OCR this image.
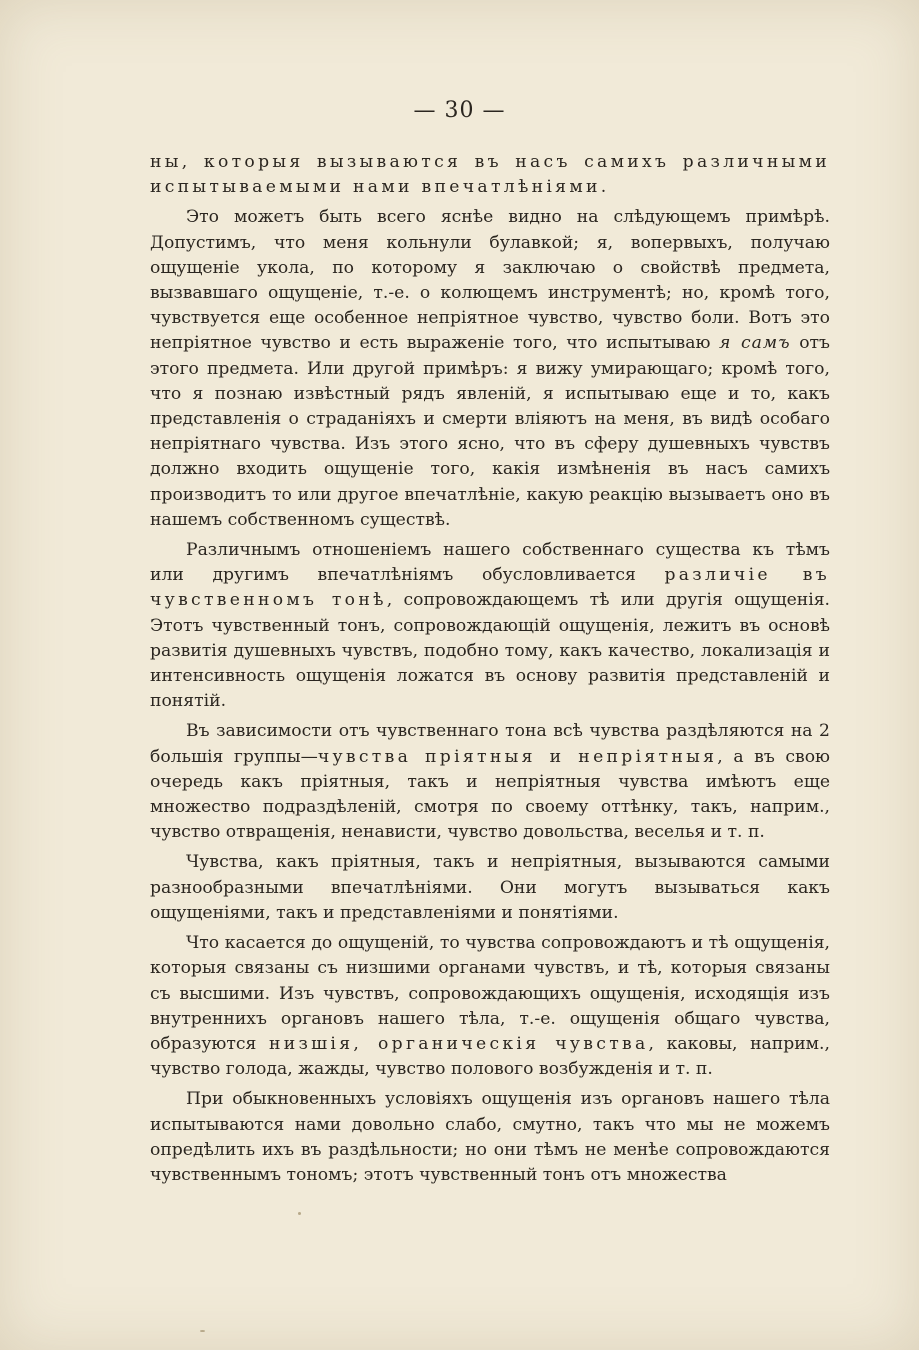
— 30 —

ны, которыя вызываются въ насъ самихъ различными испытываемыми нами впечатлѣніями.

Это можетъ быть всего яснѣе видно на слѣдующемъ примѣрѣ. Допустимъ, что меня кольнули булавкой; я, вопервыхъ, получаю ощущеніе укола, по которому я заключаю о свойствѣ предмета, вызвавшаго ощущеніе, т.-е. о колющемъ инструментѣ; но, кромѣ того, чувствуется еще особенное непріятное чувство, чувство боли. Вотъ это непріятное чувство и есть выраженіе того, что испытываю я самъ отъ этого предмета. Или другой примѣръ: я вижу умирающаго; кромѣ того, что я познаю извѣстный рядъ явленій, я испытываю еще и то, какъ представленія о страданіяхъ и смерти вліяютъ на меня, въ видѣ особаго непріятнаго чувства. Изъ этого ясно, что въ сферу душевныхъ чувствъ должно входить ощущеніе того, какія измѣненія въ насъ самихъ производитъ то или другое впечатлѣніе, какую реакцію вызываетъ оно въ нашемъ собственномъ существѣ.

Различнымъ отношеніемъ нашего собственнаго существа къ тѣмъ или другимъ впечатлѣніямъ обусловливается различіе въ чувственномъ тонѣ, сопровождающемъ тѣ или другія ощущенія. Этотъ чувственный тонъ, сопровождающій ощущенія, лежитъ въ основѣ развитія душевныхъ чувствъ, подобно тому, какъ качество, локализація и интенсивность ощущенія ложатся въ основу развитія представленій и понятій.

Въ зависимости отъ чувственнаго тона всѣ чувства раздѣляются на 2 большія группы—чувства пріятныя и непріятныя, а въ свою очередь какъ пріятныя, такъ и непріятныя чувства имѣютъ еще множество подраздѣленій, смотря по своему оттѣнку, такъ, наприм., чувство отвращенія, ненависти, чувство довольства, веселья и т. п.

Чувства, какъ пріятныя, такъ и непріятныя, вызываются самыми разнообразными впечатлѣніями. Они могутъ вызываться какъ ощущеніями, такъ и представленіями и понятіями.

Что касается до ощущеній, то чувства сопровождаютъ и тѣ ощущенія, которыя связаны съ низшими органами чувствъ, и тѣ, которыя связаны съ высшими. Изъ чувствъ, сопровождающихъ ощущенія, исходящія изъ внутреннихъ органовъ нашего тѣла, т.-е. ощущенія общаго чувства, образуются низшія, органическія чувства, каковы, наприм., чувство голода, жажды, чувство полового возбужденія и т. п.

При обыкновенныхъ условіяхъ ощущенія изъ органовъ нашего тѣла испытываются нами довольно слабо, смутно, такъ что мы не можемъ опредѣлить ихъ въ раздѣльности; но они тѣмъ не менѣе сопровождаются чувственнымъ тономъ; этотъ чувственный тонъ отъ множества
